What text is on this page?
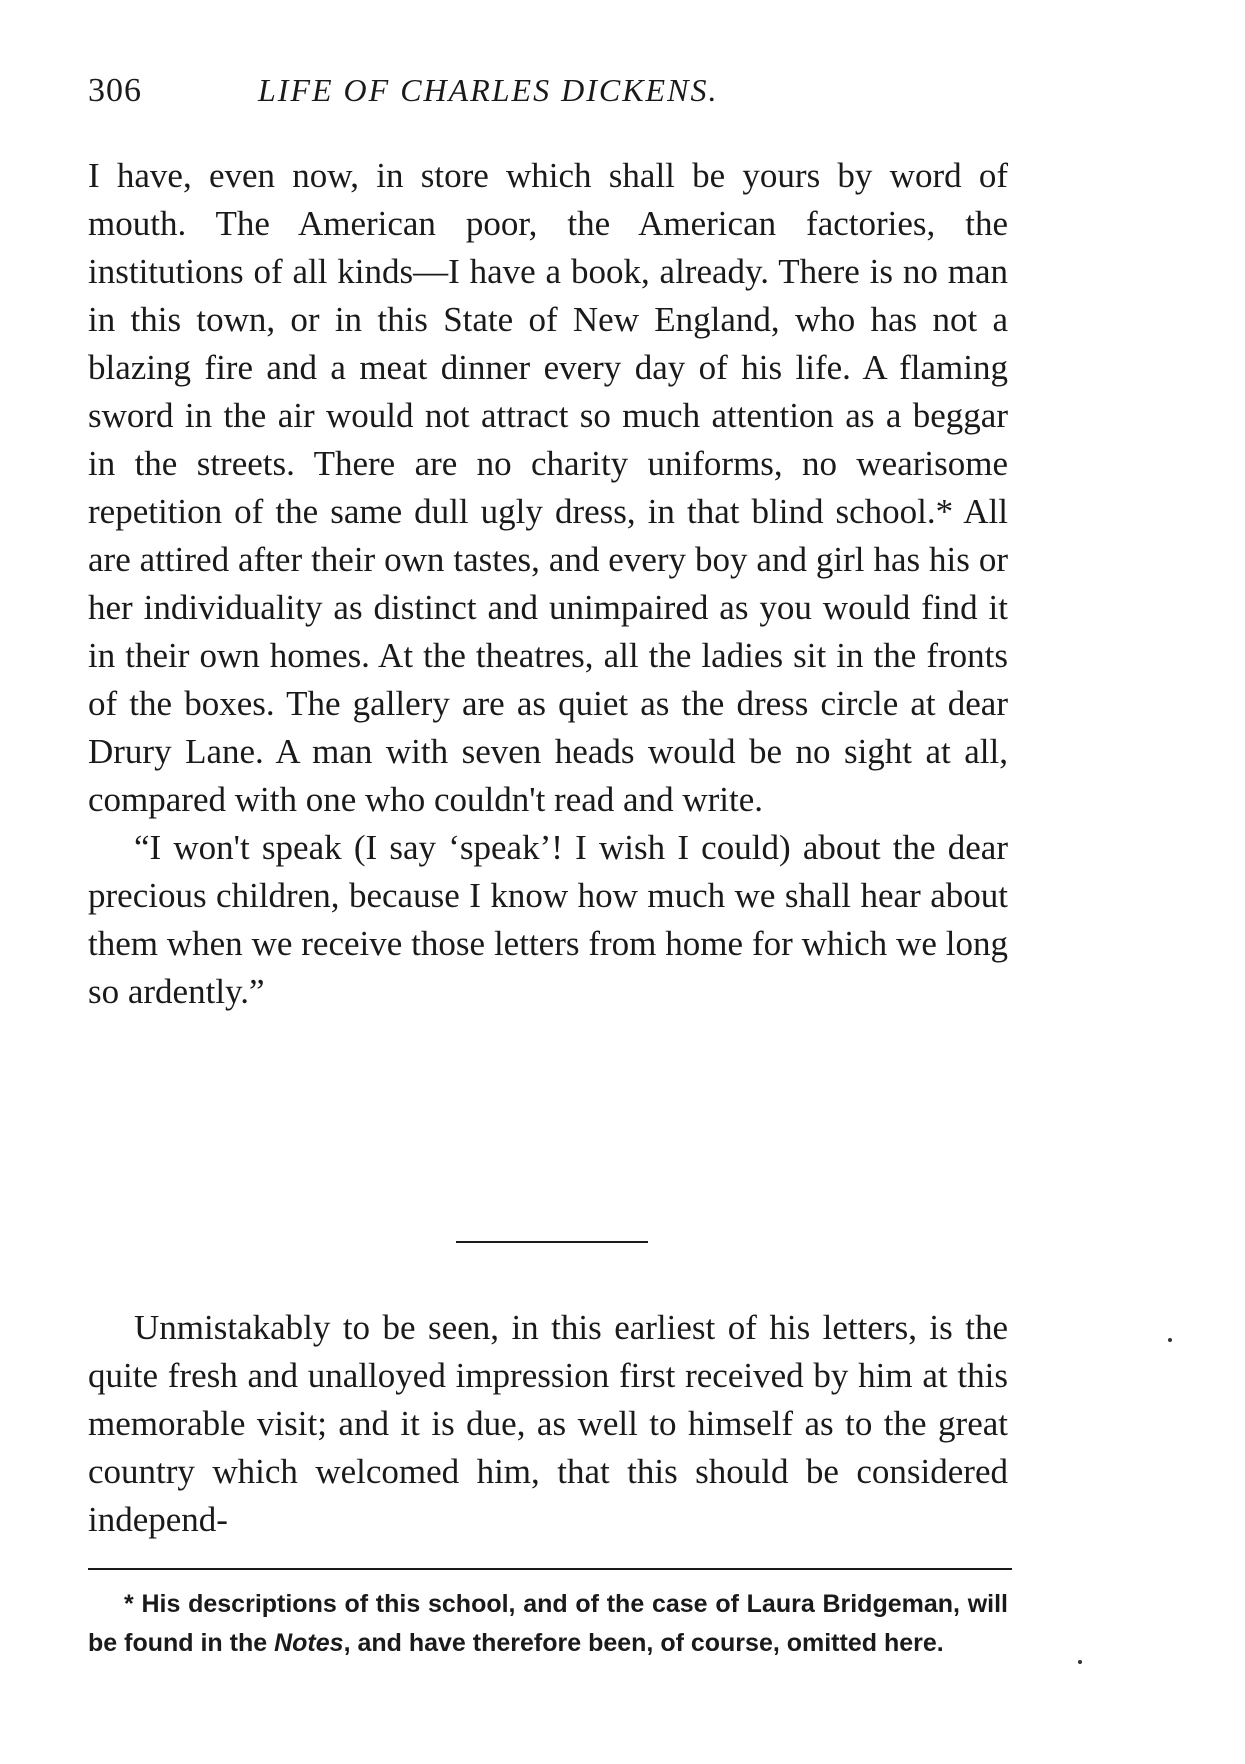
306	LIFE OF CHARLES DICKENS.

I have, even now, in store which shall be yours by word of mouth. The American poor, the American factories, the institutions of all kinds—I have a book, already. There is no man in this town, or in this State of New England, who has not a blazing fire and a meat dinner every day of his life. A flaming sword in the air would not attract so much attention as a beggar in the streets. There are no charity uniforms, no wearisome repetition of the same dull ugly dress, in that blind school.* All are attired after their own tastes, and every boy and girl has his or her individuality as distinct and unimpaired as you would find it in their own homes. At the theatres, all the ladies sit in the fronts of the boxes. The gallery are as quiet as the dress circle at dear Drury Lane. A man with seven heads would be no sight at all, compared with one who couldn't read and write.

“I won't speak (I say ‘speak’! I wish I could) about the dear precious children, because I know how much we shall hear about them when we receive those letters from home for which we long so ardently.”

Unmistakably to be seen, in this earliest of his letters, is the quite fresh and unalloyed impression first received by him at this memorable visit; and it is due, as well to himself as to the great country which welcomed him, that this should be considered independ-

* His descriptions of this school, and of the case of Laura Bridgeman, will be found in the Notes, and have therefore been, of course, omitted here.
